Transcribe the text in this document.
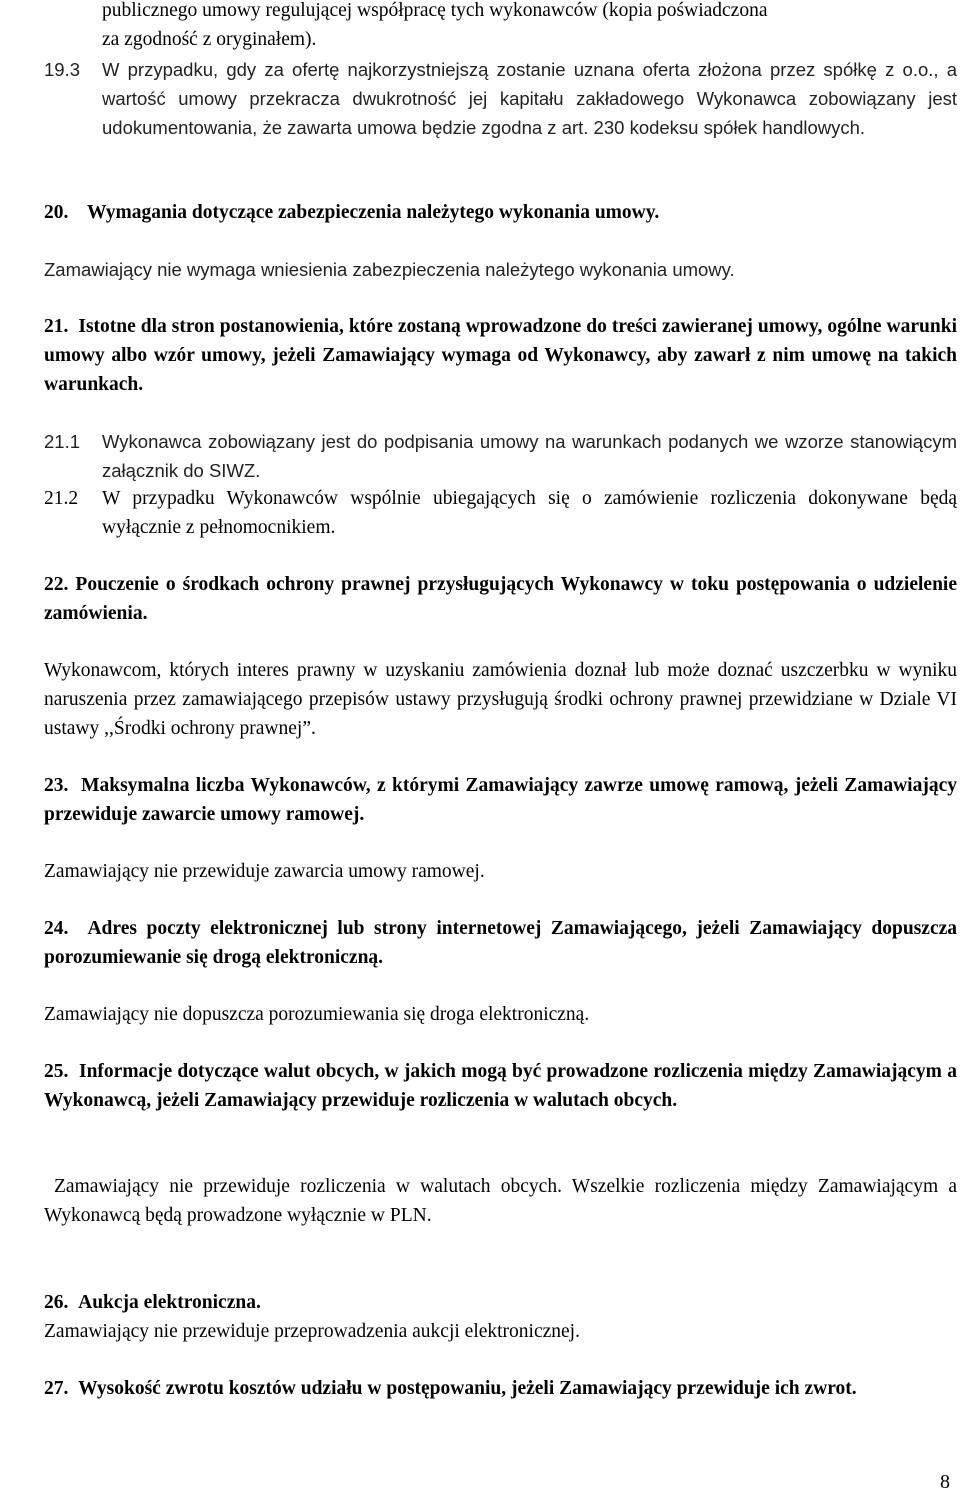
publicznego umowy regulującej współpracę tych wykonawców (kopia poświadczona
za zgodność z oryginałem).
19.3	W przypadku, gdy za ofertę najkorzystniejszą zostanie uznana oferta złożona przez spółkę z o.o., a wartość umowy przekracza dwukrotność jej kapitału zakładowego Wykonawca zobowiązany jest udokumentowania, że zawarta umowa będzie zgodna z art. 230 kodeksu spółek handlowych.
20. Wymagania dotyczące zabezpieczenia należytego wykonania umowy.
Zamawiający nie wymaga wniesienia zabezpieczenia należytego wykonania umowy.
21. Istotne dla stron postanowienia, które zostaną wprowadzone do treści zawieranej umowy, ogólne warunki umowy albo wzór umowy, jeżeli Zamawiający wymaga od Wykonawcy, aby zawarł z nim umowę na takich warunkach.
21.1	Wykonawca zobowiązany jest do podpisania umowy na warunkach podanych we wzorze stanowiącym załącznik do SIWZ.
21.2	W przypadku Wykonawców wspólnie ubiegających się o zamówienie rozliczenia dokonywane będą wyłącznie z pełnomocnikiem.
22. Pouczenie o środkach ochrony prawnej przysługujących Wykonawcy w toku postępowania o udzielenie zamówienia.
Wykonawcom, których interes prawny w uzyskaniu zamówienia doznał lub może doznać uszczerbku w wyniku naruszenia przez zamawiającego przepisów ustawy przysługują środki ochrony prawnej przewidziane w Dziale VI ustawy ,,Środki ochrony prawnej”.
23. Maksymalna liczba Wykonawców, z którymi Zamawiający zawrze umowę ramową, jeżeli Zamawiający przewiduje zawarcie umowy ramowej.
Zamawiający nie przewiduje zawarcia umowy ramowej.
24. Adres poczty elektronicznej lub strony internetowej Zamawiającego, jeżeli Zamawiający dopuszcza porozumiewanie się drogą elektroniczną.
Zamawiający nie dopuszcza porozumiewania się droga elektroniczną.
25. Informacje dotyczące walut obcych, w jakich mogą być prowadzone rozliczenia między Zamawiającym a Wykonawcą, jeżeli Zamawiający przewiduje rozliczenia w walutach obcych.
Zamawiający nie przewiduje rozliczenia w walutach obcych. Wszelkie rozliczenia między Zamawiającym a Wykonawcą będą prowadzone wyłącznie w PLN.
26. Aukcja elektroniczna.
Zamawiający nie przewiduje przeprowadzenia aukcji elektronicznej.
27. Wysokość zwrotu kosztów udziału w postępowaniu, jeżeli Zamawiający przewiduje ich zwrot.
8
